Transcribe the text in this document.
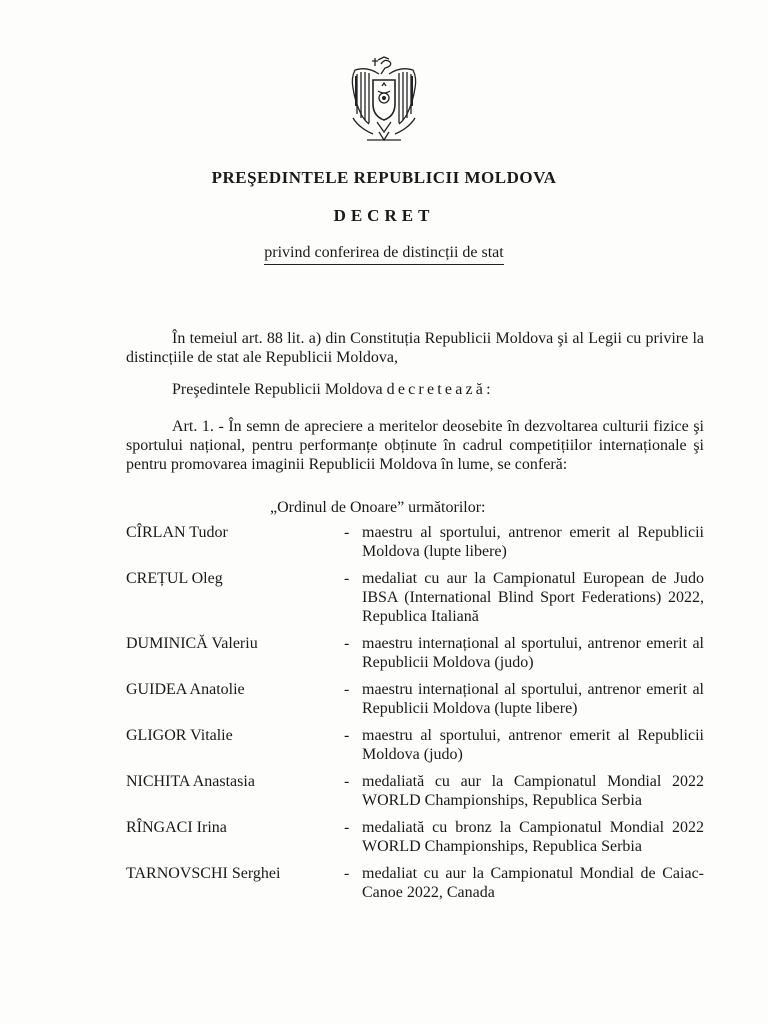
PREŞEDINTELE REPUBLICII MOLDOVA
DECRET
privind conferirea de distincții de stat
În temeiul art. 88 lit. a) din Constituția Republicii Moldova şi al Legii cu privire la distincțiile de stat ale Republicii Moldova,
Preşedintele Republicii Moldova decretează:
Art. 1. - În semn de apreciere a meritelor deosebite în dezvoltarea culturii fizice şi sportului național, pentru performanțe obținute în cadrul competițiilor internaționale şi pentru promovarea imaginii Republicii Moldova în lume, se conferă:
„Ordinul de Onoare” următorilor:
CÎRLAN Tudor	- maestru al sportului, antrenor emerit al Republicii Moldova (lupte libere)
CREȚUL Oleg	- medaliat cu aur la Campionatul European de Judo IBSA (International Blind Sport Federations) 2022, Republica Italiană
DUMINICĂ Valeriu	- maestru internațional al sportului, antrenor emerit al Republicii Moldova (judo)
GUIDEA Anatolie	- maestru internațional al sportului, antrenor emerit al Republicii Moldova (lupte libere)
GLIGOR Vitalie	- maestru al sportului, antrenor emerit al Republicii Moldova (judo)
NICHITA Anastasia	- medaliată cu aur la Campionatul Mondial 2022 WORLD Championships, Republica Serbia
RÎNGACI Irina	- medaliată cu bronz la Campionatul Mondial 2022 WORLD Championships, Republica Serbia
TARNOVSCHI Serghei	- medaliat cu aur la Campionatul Mondial de Caiac-Canoe 2022, Canada
